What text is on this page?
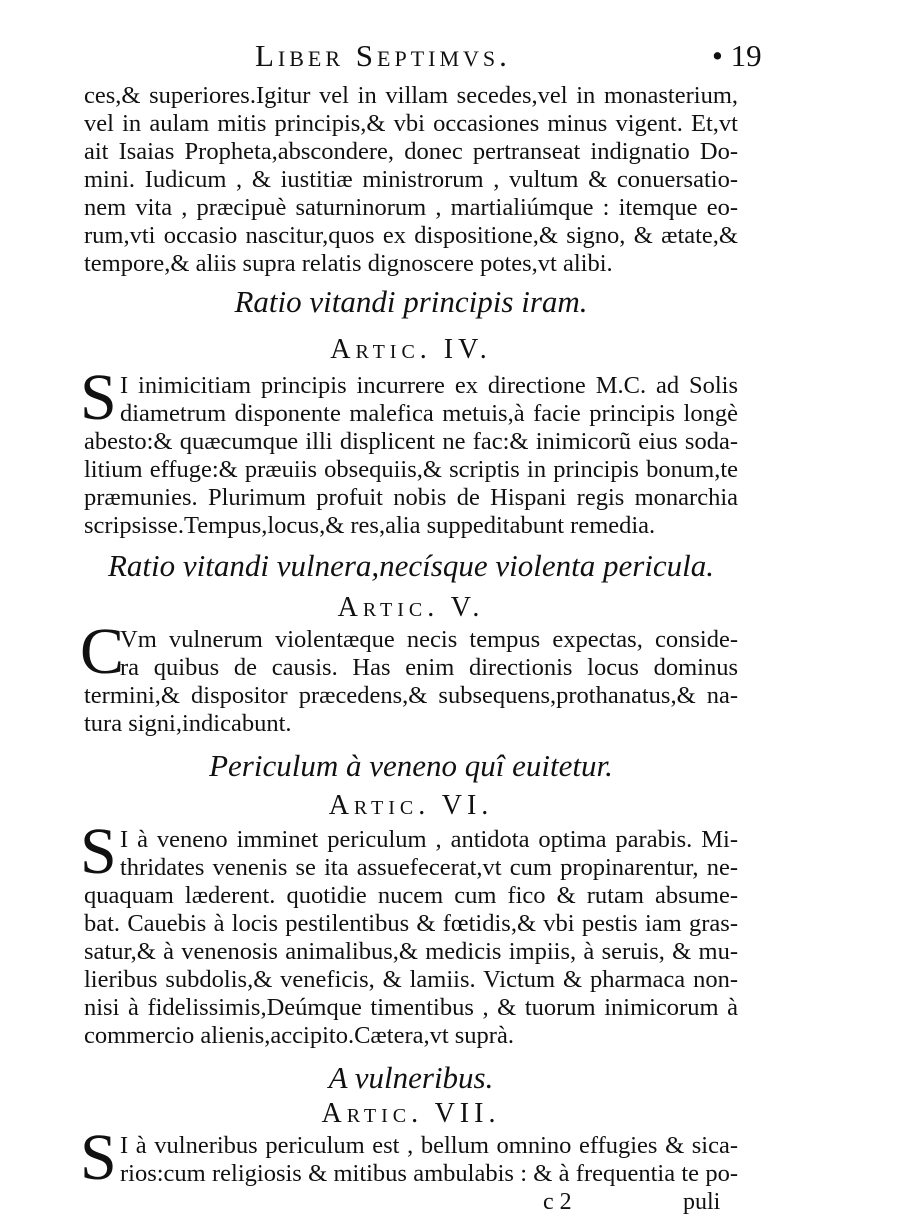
Liber Septimvs.	• 19
ces,& superiores.Igitur vel in villam secedes,vel in monasterium,
vel in aulam mitis principis,& vbi occasiones minus vigent. Et,vt
ait Isaias Propheta,abscondere, donec pertranseat indignatio Do-
mini. Iudicum , & iustitiæ ministrorum , vultum & conuersatio-
nem vita , præcipuè saturninorum , martialiúmque : itemque eo-
rum,vti occasio nascitur,quos ex dispositione,& signo, & ætate,&
tempore,& aliis supra relatis dignoscere potes,vt alibi.
Ratio vitandi principis iram.
Artic. IV.
S I inimicitiam principis incurrere ex directione M.C. ad Solis
diametrum disponente malefica metuis,à facie principis longè
abesto:& quæcumque illi displicent ne fac:& inimicorũ eius soda-
litium effuge:& præuiis obsequiis,& scriptis in principis bonum,te
præmunies. Plurimum profuit nobis de Hispani regis monarchia
scripsisse.Tempus,locus,& res,alia suppeditabunt remedia.
Ratio vitandi vulnera,necísque violenta pericula.
Artic. V.
C
Vm vulnerum violentæque necis tempus expectas, conside-
ra quibus de causis. Has enim directionis locus dominus
termini,& dispositor præcedens,& subsequens,prothanatus,& na-
tura signi,indicabunt.
Periculum à veneno quî euitetur.
Artic. VI.
S I à veneno imminet periculum , antidota optima parabis. Mi-
thridates venenis se ita assuefecerat,vt cum propinarentur, ne-
quaquam læderent. quotidie nucem cum fico & rutam absume-
bat. Cauebis à locis pestilentibus & fœtidis,& vbi pestis iam gras-
satur,& à venenosis animalibus,& medicis impiis, à seruis, & mu-
lieribus subdolis,& veneficis, & lamiis. Victum & pharmaca non-
nisi à fidelissimis,Deúmque timentibus , & tuorum inimicorum à
commercio alienis,accipito.Cætera,vt suprà.
A vulneribus.
Artic. VII.
S I à vulneribus periculum est , bellum omnino effugies & sica-
rios:cum religiosis & mitibus ambulabis : & à frequentia te po-
c 2	puli
